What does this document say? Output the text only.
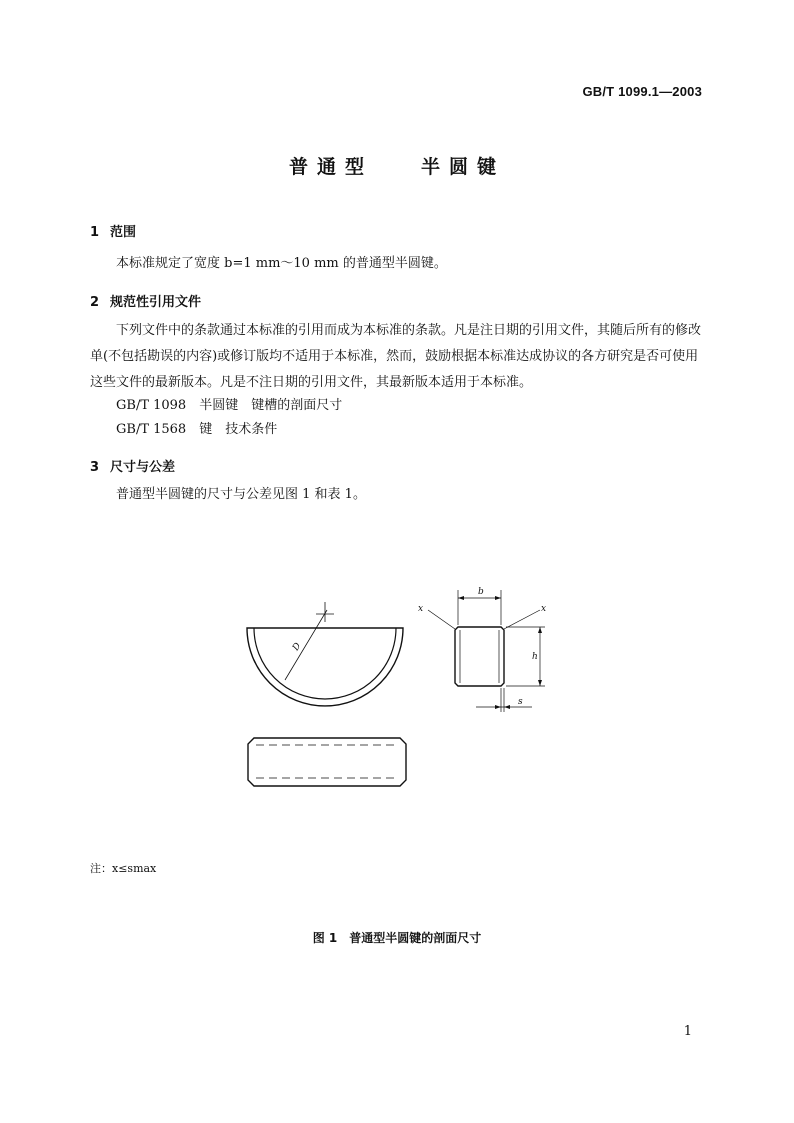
GB/T 1099.1—2003
普通型	半圆键
1 范围
本标准规定了宽度 b=1 mm～10 mm 的普通型半圆键。
2 规范性引用文件
下列文件中的条款通过本标准的引用而成为本标准的条款。凡是注日期的引用文件，其随后所有的修改单(不包括勘误的内容)或修订版均不适用于本标准，然而，鼓励根据本标准达成协议的各方研究是否可使用这些文件的最新版本。凡是不注日期的引用文件，其最新版本适用于本标准。
GB/T 1098　半圆键　键槽的剖面尺寸
GB/T 1568　键　技术条件
3 尺寸与公差
普通型半圆键的尺寸与公差见图 1 和表 1。
D
b
h
s
x	x
注：x≤smax
图 1　普通型半圆键的剖面尺寸
1
